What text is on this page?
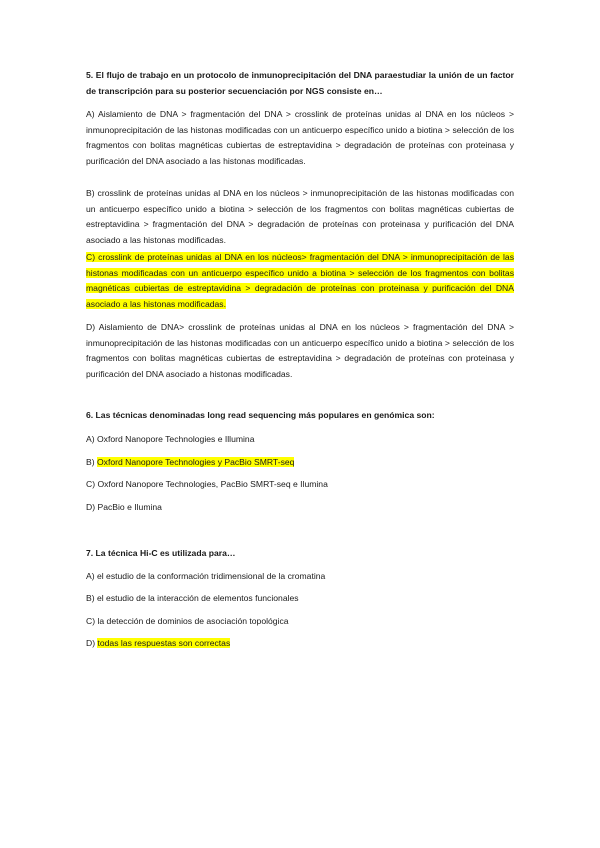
5. El flujo de trabajo en un protocolo de inmunoprecipitación del DNA paraestudiar la unión de un factor de transcripción para su posterior secuenciación por NGS consiste en…
A) Aislamiento de DNA > fragmentación del DNA > crosslink de proteínas unidas al DNA en los núcleos > inmunoprecipitación de las histonas modificadas con un anticuerpo específico unido a biotina > selección de los fragmentos con bolitas magnéticas cubiertas de estreptavidina > degradación de proteínas con proteinasa y purificación del DNA asociado a las histonas modificadas.
B) crosslink de proteínas unidas al DNA en los núcleos > inmunoprecipitación de las histonas modificadas con un anticuerpo específico unido a biotina > selección de los fragmentos con bolitas magnéticas cubiertas de estreptavidina > fragmentación del DNA > degradación de proteínas con proteinasa y purificación del DNA asociado a las histonas modificadas.
C) crosslink de proteínas unidas al DNA en los núcleos> fragmentación del DNA > inmunoprecipitación de las histonas modificadas con un anticuerpo específico unido a biotina > selección de los fragmentos con bolitas magnéticas cubiertas de estreptavidina > degradación de proteínas con proteinasa y purificación del DNA asociado a las histonas modificadas.
D) Aislamiento de DNA> crosslink de proteínas unidas al DNA en los núcleos > fragmentación del DNA > inmunoprecipitación de las histonas modificadas con un anticuerpo específico unido a biotina > selección de los fragmentos con bolitas magnéticas cubiertas de estreptavidina > degradación de proteínas con proteinasa y purificación del DNA asociado a histonas modificadas.
6. Las técnicas denominadas long read sequencing más populares en genómica son:
A) Oxford Nanopore Technologies e Illumina
B) Oxford Nanopore Technologies y PacBio SMRT-seq
C) Oxford Nanopore Technologies, PacBio SMRT-seq e Ilumina
D) PacBio e Ilumina
7. La técnica Hi-C es utilizada para…
A) el estudio de la conformación tridimensional de la cromatina
B) el estudio de la interacción de elementos funcionales
C) la detección de dominios de asociación topológica
D) todas las respuestas son correctas
